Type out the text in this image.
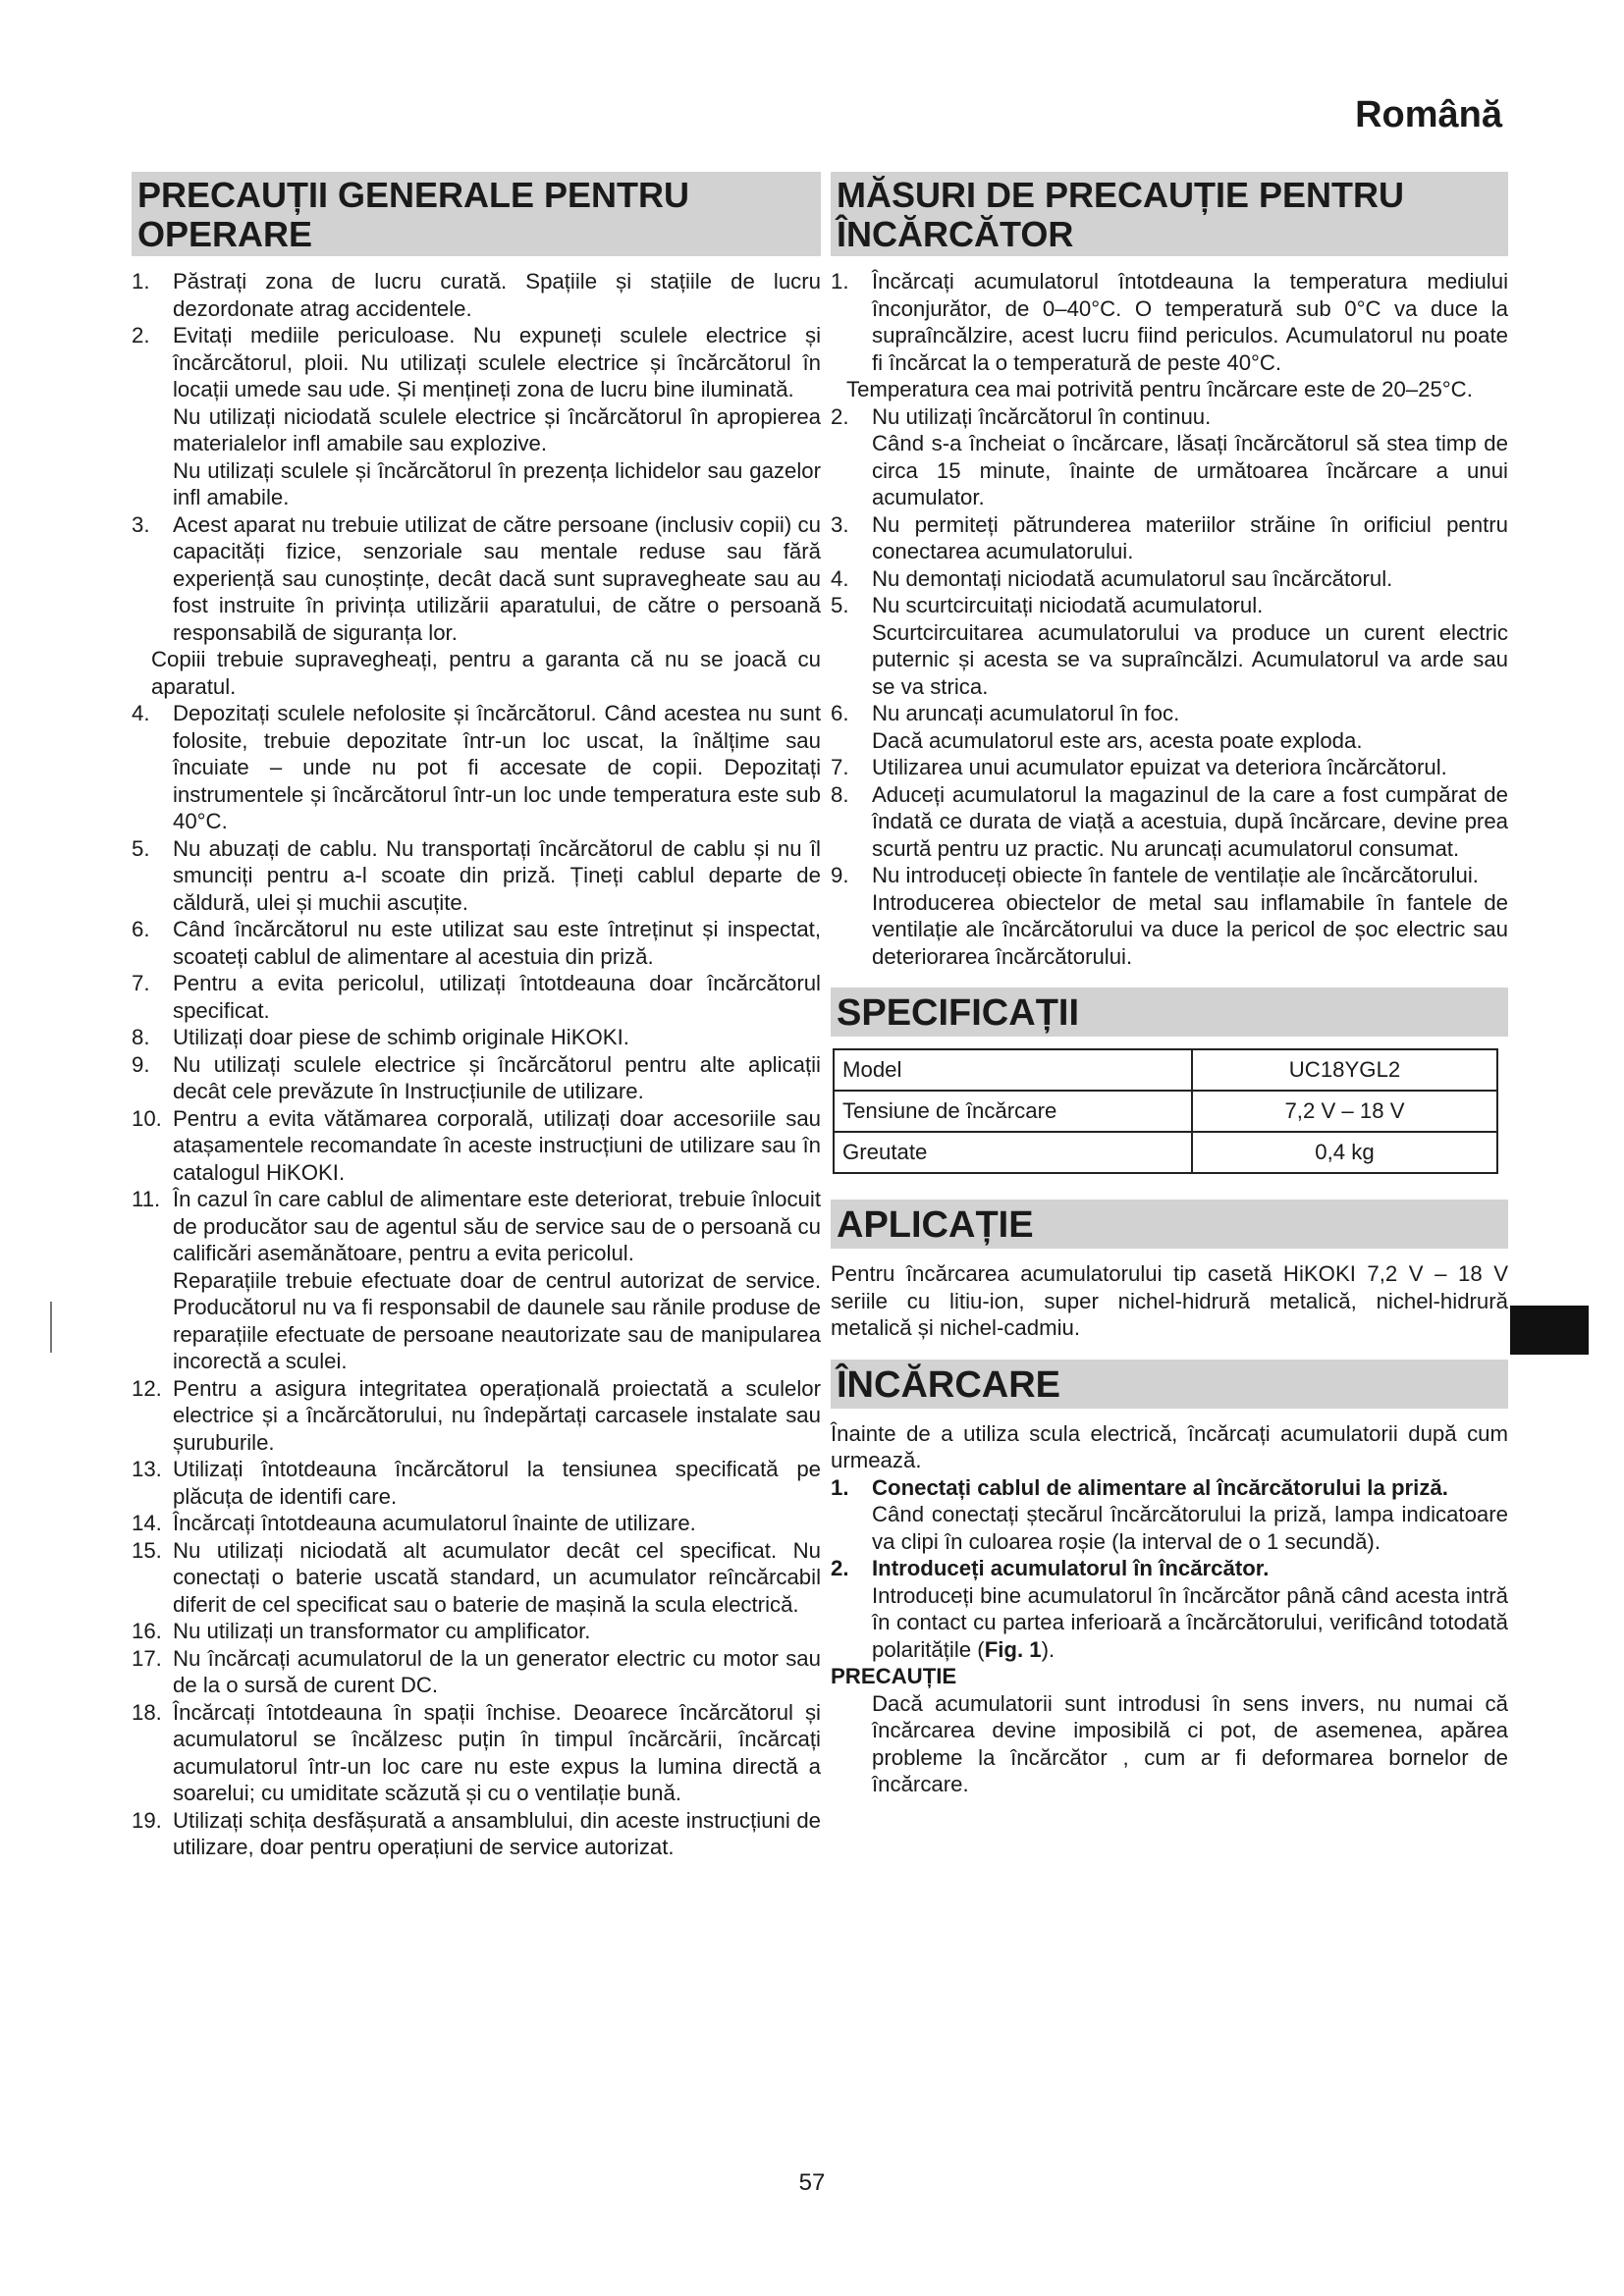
Română
PRECAUȚII GENERALE PENTRU OPERARE
1.	Păstrați zona de lucru curată. Spațiile și stațiile de lucru dezordonate atrag accidentele.

2.	Evitați mediile periculoase. Nu expuneți sculele electrice și încărcătorul, ploii. Nu utilizați sculele electrice și încărcătorul în locații umede sau ude. Și mențineți zona de lucru bine iluminată.

Nu utilizați niciodată sculele electrice și încărcătorul în apropierea materialelor infl amabile sau explozive.

Nu utilizați sculele și încărcătorul în prezența lichidelor sau gazelor infl amabile.

3.	Acest aparat nu trebuie utilizat de către persoane (inclusiv copii) cu capacități fizice, senzoriale sau mentale reduse sau fără experiență sau cunoștințe, decât dacă sunt supravegheate sau au fost instruite în privința utilizării aparatului, de către o persoană responsabilă de siguranța lor.

Copiii trebuie supravegheați, pentru a garanta că nu se joacă cu aparatul.

4.	Depozitați sculele nefolosite și încărcătorul. Când acestea nu sunt folosite, trebuie depozitate într-un loc uscat, la înălțime sau încuiate – unde nu pot fi accesate de copii. Depozitați instrumentele și încărcătorul într-un loc unde temperatura este sub 40°C.

5.	Nu abuzați de cablu. Nu transportați încărcătorul de cablu și nu îl smunciți pentru a-l scoate din priză. Țineți cablul departe de căldură, ulei și muchii ascuțite.

6.	Când încărcătorul nu este utilizat sau este întreținut și inspectat, scoateți cablul de alimentare al acestuia din priză.

7.	Pentru a evita pericolul, utilizați întotdeauna doar încărcătorul specificat.

8.	Utilizați doar piese de schimb originale HiKOKI.

9.	Nu utilizați sculele electrice și încărcătorul pentru alte aplicații decât cele prevăzute în Instrucțiunile de utilizare.

10. Pentru a evita vătămarea corporală, utilizați doar accesoriile sau atașamentele recomandate în aceste instrucțiuni de utilizare sau în catalogul HiKOKI.

11. În cazul în care cablul de alimentare este deteriorat, trebuie înlocuit de producător sau de agentul său de service sau de o persoană cu calificări asemănătoare, pentru a evita pericolul.

Reparațiile trebuie efectuate doar de centrul autorizat de service. Producătorul nu va fi responsabil de daunele sau rănile produse de reparațiile efectuate de persoane neautorizate sau de manipularea incorectă a sculei.

12. Pentru a asigura integritatea operațională proiectată a sculelor electrice și a încărcătorului, nu îndepărtați carcasele instalate sau șuruburile.

13. Utilizați întotdeauna încărcătorul la tensiunea specificată pe plăcuța de identifi care.

14. Încărcați întotdeauna acumulatorul înainte de utilizare.

15. Nu utilizați niciodată alt acumulator decât cel specificat. Nu conectați o baterie uscată standard, un acumulator reîncărcabil diferit de cel specificat sau o baterie de mașină la scula electrică.

16. Nu utilizați un transformator cu amplificator.

17. Nu încărcați acumulatorul de la un generator electric cu motor sau de la o sursă de curent DC.

18. Încărcați întotdeauna în spații închise. Deoarece încărcătorul și acumulatorul se încălzesc puțin în timpul încărcării, încărcați acumulatorul într-un loc care nu este expus la lumina directă a soarelui; cu umiditate scăzută și cu o ventilație bună.

19. Utilizați schița desfășurată a ansamblului, din aceste instrucțiuni de utilizare, doar pentru operațiuni de service autorizat.

MĂSURI DE PRECAUȚIE PENTRU ÎNCĂRCĂTOR
1.	Încărcați acumulatorul întotdeauna la temperatura mediului înconjurător, de 0–40°C. O temperatură sub 0°C va duce la supraîncălzire, acest lucru fiind periculos. Acumulatorul nu poate fi încărcat la o temperatură de peste 40°C.

Temperatura cea mai potrivită pentru încărcare este de 20–25°C.

2.	Nu utilizați încărcătorul în continuu.

Când s-a încheiat o încărcare, lăsați încărcătorul să stea timp de circa 15 minute, înainte de următoarea încărcare a unui acumulator.

3.	Nu permiteți pătrunderea materiilor străine în orificiul pentru conectarea acumulatorului.

4.	Nu demontați niciodată acumulatorul sau încărcătorul.

5.	Nu scurtcircuitați niciodată acumulatorul.

Scurtcircuitarea acumulatorului va produce un curent electric puternic și acesta se va supraîncălzi. Acumulatorul va arde sau se va strica.

6.	Nu aruncați acumulatorul în foc.

Dacă acumulatorul este ars, acesta poate exploda.

7.	Utilizarea unui acumulator epuizat va deteriora încărcătorul.

8.	Aduceți acumulatorul la magazinul de la care a fost cumpărat de îndată ce durata de viață a acestuia, după încărcare, devine prea scurtă pentru uz practic. Nu aruncați acumulatorul consumat.

9.	Nu introduceți obiecte în fantele de ventilație ale încărcătorului.

Introducerea obiectelor de metal sau inflamabile în fantele de ventilație ale încărcătorului va duce la pericol de șoc electric sau deteriorarea încărcătorului.

SPECIFICAȚII
Model	UC18YGL2
Tensiune de încărcare	7,2 V – 18 V
Greutate	0,4 kg
APLICAȚIE

Pentru încărcarea acumulatorului tip casetă HiKOKI 7,2 V – 18 V seriile cu litiu-ion, super nichel-hidrură metalică, nichel-hidrură metalică și nichel-cadmiu.

ÎNCĂRCARE

Înainte de a utiliza scula electrică, încărcați acumulatorii după cum urmează.

1. Conectați cablul de alimentare al încărcătorului la priză.
Când conectați ștecărul încărcătorului la priză, lampa indicatoare va clipi în culoarea roșie (la interval de o 1 secundă).
2. Introduceți acumulatorul în încărcător.
Introduceți bine acumulatorul în încărcător până când acesta intră în contact cu partea inferioară a încărcătorului, verificând totodată polaritățile (Fig. 1).
PRECAUȚIE

Dacă acumulatorii sunt introdusi în sens invers, nu numai că încărcarea devine imposibilă ci pot, de asemenea, apărea probleme la încărcător , cum ar fi deformarea bornelor de încărcare.

57
